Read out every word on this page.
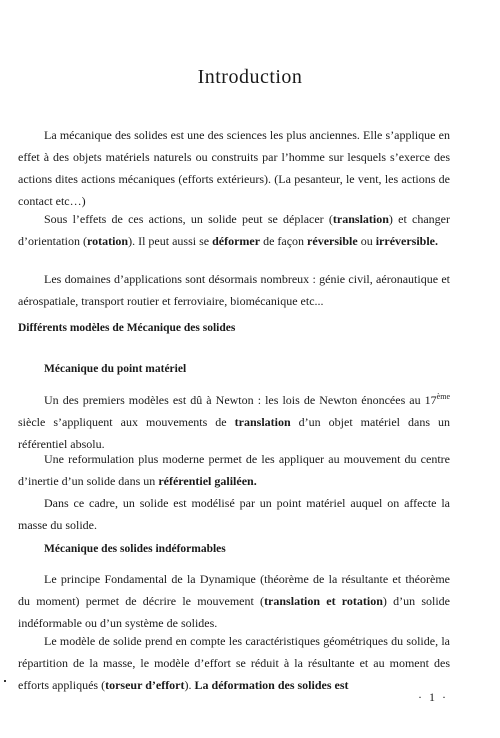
Introduction

La mécanique des solides est une des sciences les plus anciennes. Elle s’applique en effet à des objets matériels naturels ou construits par l’homme sur lesquels s’exerce des actions dites actions mécaniques (efforts extérieurs). (La pesanteur, le vent, les actions de contact etc…)

Sous l’effets de ces actions, un solide peut se déplacer (translation) et changer d’orientation (rotation). Il peut aussi se déformer de façon réversible ou irréversible.

Les domaines d’applications sont désormais nombreux : génie civil, aéronautique et aérospatiale, transport routier et ferroviaire, biomécanique etc...

Différents modèles de Mécanique des solides
Mécanique du point matériel

Un des premiers modèles est dû à Newton : les lois de Newton énoncées au 17ème siècle s’appliquent aux mouvements de translation d’un objet matériel dans un référentiel absolu.

Une reformulation plus moderne permet de les appliquer au mouvement du centre d’inertie d’un solide dans un référentiel galiléen.

Dans ce cadre, un solide est modélisé par un point matériel auquel on affecte la masse du solide.

Mécanique des solides indéformables

Le principe Fondamental de la Dynamique (théorème de la résultante et théorème du moment) permet de décrire le mouvement (translation et rotation) d’un solide indéformable ou d’un système de solides.

Le modèle de solide prend en compte les caractéristiques géométriques du solide, la répartition de la masse, le modèle d’effort se réduit à la résultante et au moment des efforts appliqués (torseur d’effort). La déformation des solides est

· 1 ·
